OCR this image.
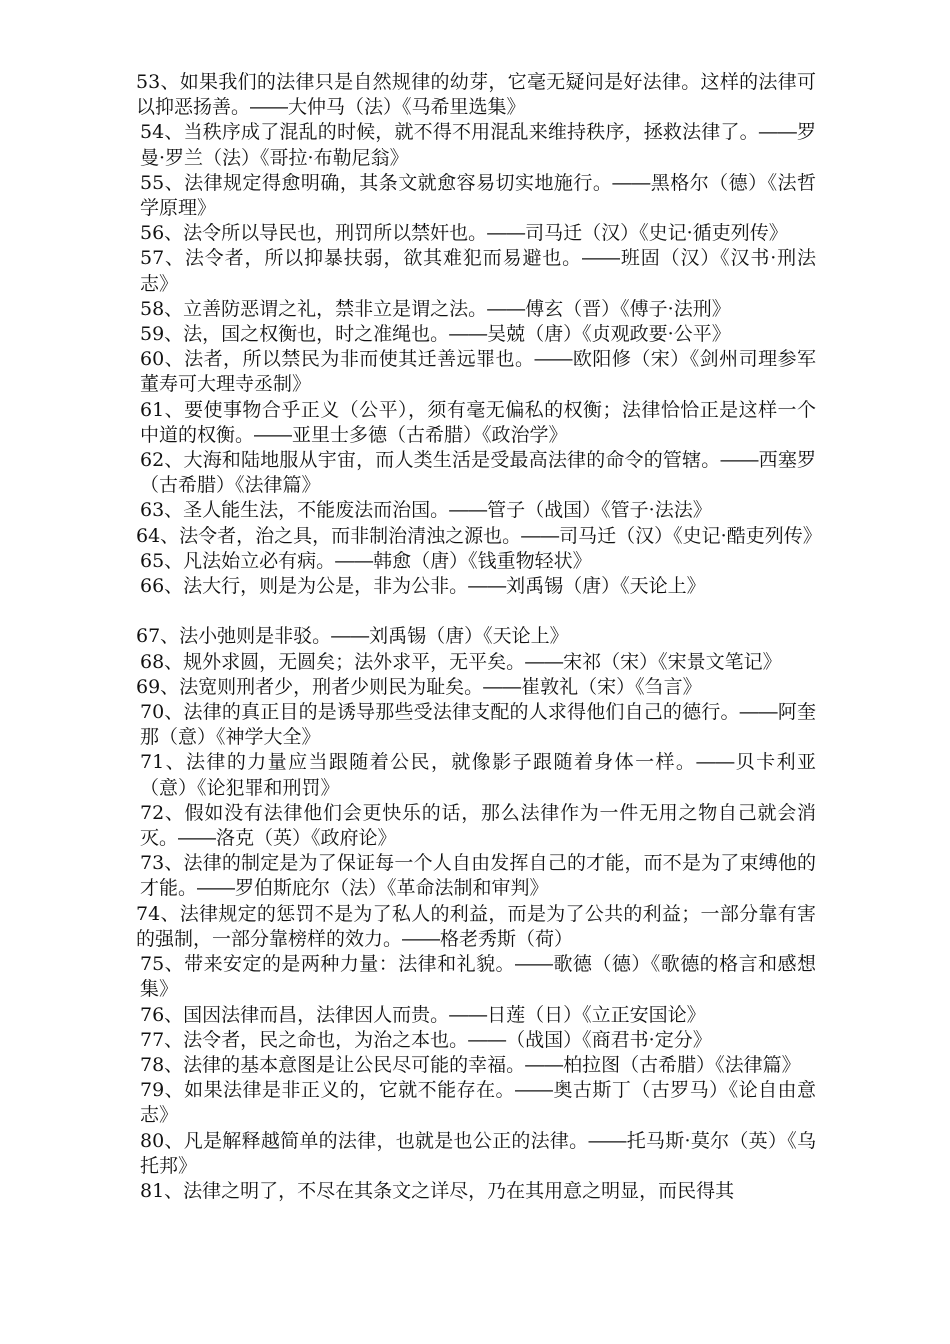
53、如果我们的法律只是自然规律的幼芽，它毫无疑问是好法律。这样的法律可以抑恶扬善。――大仲马（法）《马希里选集》

54、当秩序成了混乱的时候，就不得不用混乱来维持秩序，拯救法律了。――罗曼·罗兰（法）《哥拉·布勒尼翁》

55、法律规定得愈明确，其条文就愈容易切实地施行。――黑格尔（德）《法哲学原理》

56、法令所以导民也，刑罚所以禁奸也。――司马迁（汉）《史记·循吏列传》

57、法令者，所以抑暴扶弱，欲其难犯而易避也。――班固（汉）《汉书·刑法志》

58、立善防恶谓之礼，禁非立是谓之法。――傅玄（晋）《傅子·法刑》

59、法，国之权衡也，时之准绳也。――吴兢（唐）《贞观政要·公平》

60、法者，所以禁民为非而使其迁善远罪也。――欧阳修（宋）《剑州司理参军董寿可大理寺丞制》

61、要使事物合乎正义（公平），须有毫无偏私的权衡；法律恰恰正是这样一个中道的权衡。――亚里士多德（古希腊）《政治学》

62、大海和陆地服从宇宙，而人类生活是受最高法律的命令的管辖。――西塞罗（古希腊）《法律篇》

63、圣人能生法，不能废法而治国。――管子（战国）《管子·法法》

64、法令者，治之具，而非制治清浊之源也。――司马迁（汉）《史记·酷吏列传》

65、凡法始立必有病。――韩愈（唐）《钱重物轻状》

66、法大行，则是为公是，非为公非。――刘禹锡（唐）《天论上》

67、法小弛则是非驳。――刘禹锡（唐）《天论上》

68、规外求圆，无圆矣；法外求平，无平矣。――宋祁（宋）《宋景文笔记》

69、法宽则刑者少，刑者少则民为耻矣。――崔敦礼（宋）《刍言》

70、法律的真正目的是诱导那些受法律支配的人求得他们自己的德行。――阿奎那（意）《神学大全》

71、法律的力量应当跟随着公民，就像影子跟随着身体一样。――贝卡利亚（意）《论犯罪和刑罚》

72、假如没有法律他们会更快乐的话，那么法律作为一件无用之物自己就会消灭。――洛克（英）《政府论》

73、法律的制定是为了保证每一个人自由发挥自己的才能，而不是为了束缚他的才能。――罗伯斯庇尔（法）《革命法制和审判》

74、法律规定的惩罚不是为了私人的利益，而是为了公共的利益；一部分靠有害的强制，一部分靠榜样的效力。――格老秀斯（荷）

75、带来安定的是两种力量：法律和礼貌。――歌德（德）《歌德的格言和感想集》

76、国因法律而昌，法律因人而贵。――日莲（日）《立正安国论》

77、法令者，民之命也，为治之本也。――（战国）《商君书·定分》

78、法律的基本意图是让公民尽可能的幸福。――柏拉图（古希腊）《法律篇》

79、如果法律是非正义的，它就不能存在。――奥古斯丁（古罗马）《论自由意志》

80、凡是解释越简单的法律，也就是也公正的法律。――托马斯·莫尔（英）《乌托邦》

81、法律之明了，不尽在其条文之详尽，乃在其用意之明显，而民得其
